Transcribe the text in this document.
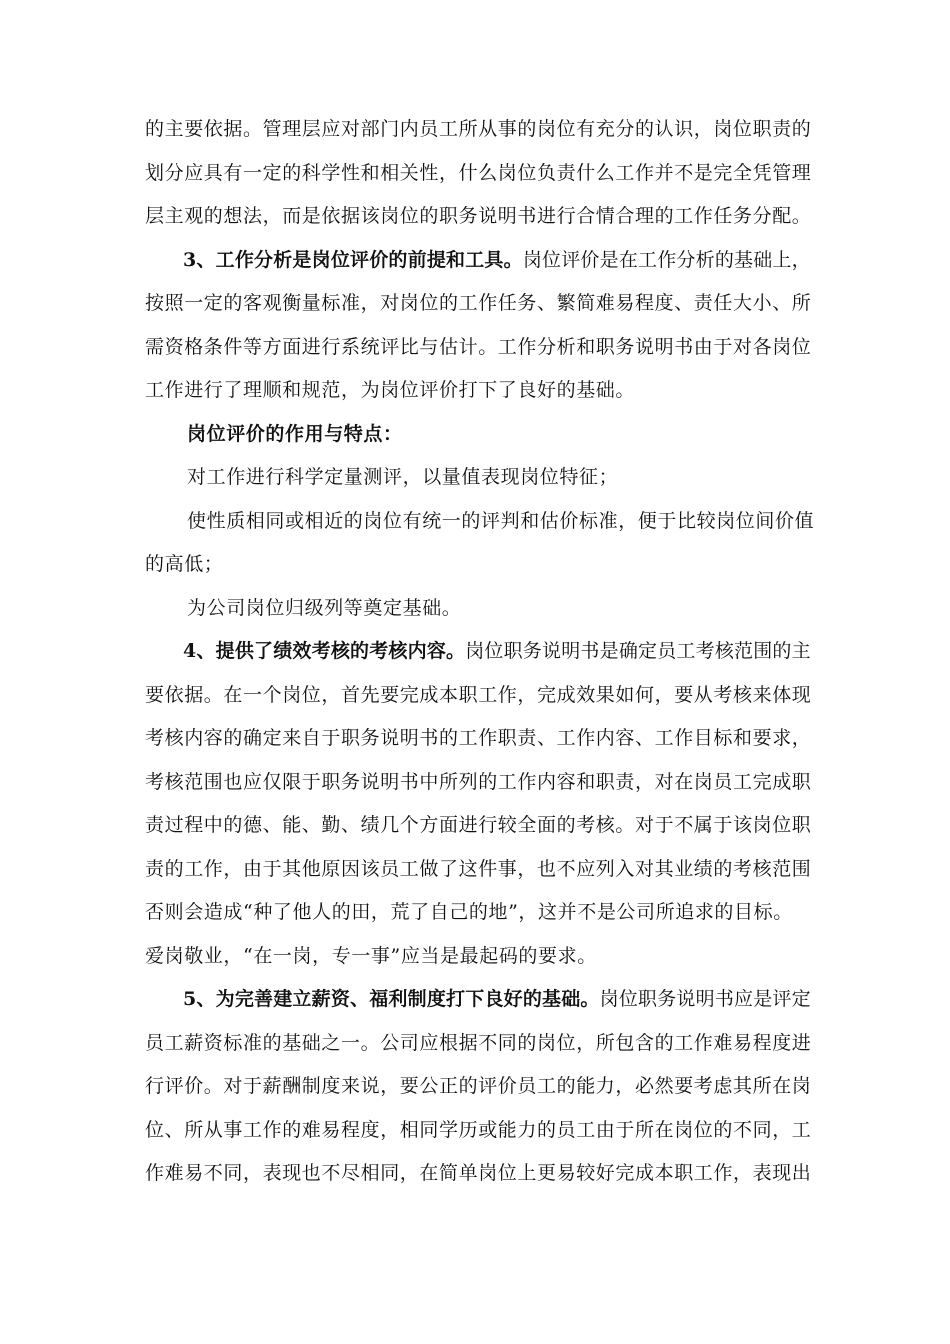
的主要依据。管理层应对部门内员工所从事的岗位有充分的认识，岗位职责的
划分应具有一定的科学性和相关性，什么岗位负责什么工作并不是完全凭管理
层主观的想法，而是依据该岗位的职务说明书进行合情合理的工作任务分配。
3、工作分析是岗位评价的前提和工具。岗位评价是在工作分析的基础上，
按照一定的客观衡量标准，对岗位的工作任务、繁简难易程度、责任大小、所
需资格条件等方面进行系统评比与估计。工作分析和职务说明书由于对各岗位
工作进行了理顺和规范，为岗位评价打下了良好的基础。
岗位评价的作用与特点：
对工作进行科学定量测评，以量值表现岗位特征；
使性质相同或相近的岗位有统一的评判和估价标准，便于比较岗位间价值
的高低；
为公司岗位归级列等奠定基础。
4、提供了绩效考核的考核内容。岗位职务说明书是确定员工考核范围的主
要依据。在一个岗位，首先要完成本职工作，完成效果如何，要从考核来体现
考核内容的确定来自于职务说明书的工作职责、工作内容、工作目标和要求，
考核范围也应仅限于职务说明书中所列的工作内容和职责，对在岗员工完成职
责过程中的德、能、勤、绩几个方面进行较全面的考核。对于不属于该岗位职
责的工作，由于其他原因该员工做了这件事，也不应列入对其业绩的考核范围
否则会造成“种了他人的田，荒了自己的地”，这并不是公司所追求的目标。
爱岗敬业，“在一岗，专一事”应当是最起码的要求。
5、为完善建立薪资、福利制度打下良好的基础。岗位职务说明书应是评定
员工薪资标准的基础之一。公司应根据不同的岗位，所包含的工作难易程度进
行评价。对于薪酬制度来说，要公正的评价员工的能力，必然要考虑其所在岗
位、所从事工作的难易程度，相同学历或能力的员工由于所在岗位的不同，工
作难易不同，表现也不尽相同，在简单岗位上更易较好完成本职工作，表现出
